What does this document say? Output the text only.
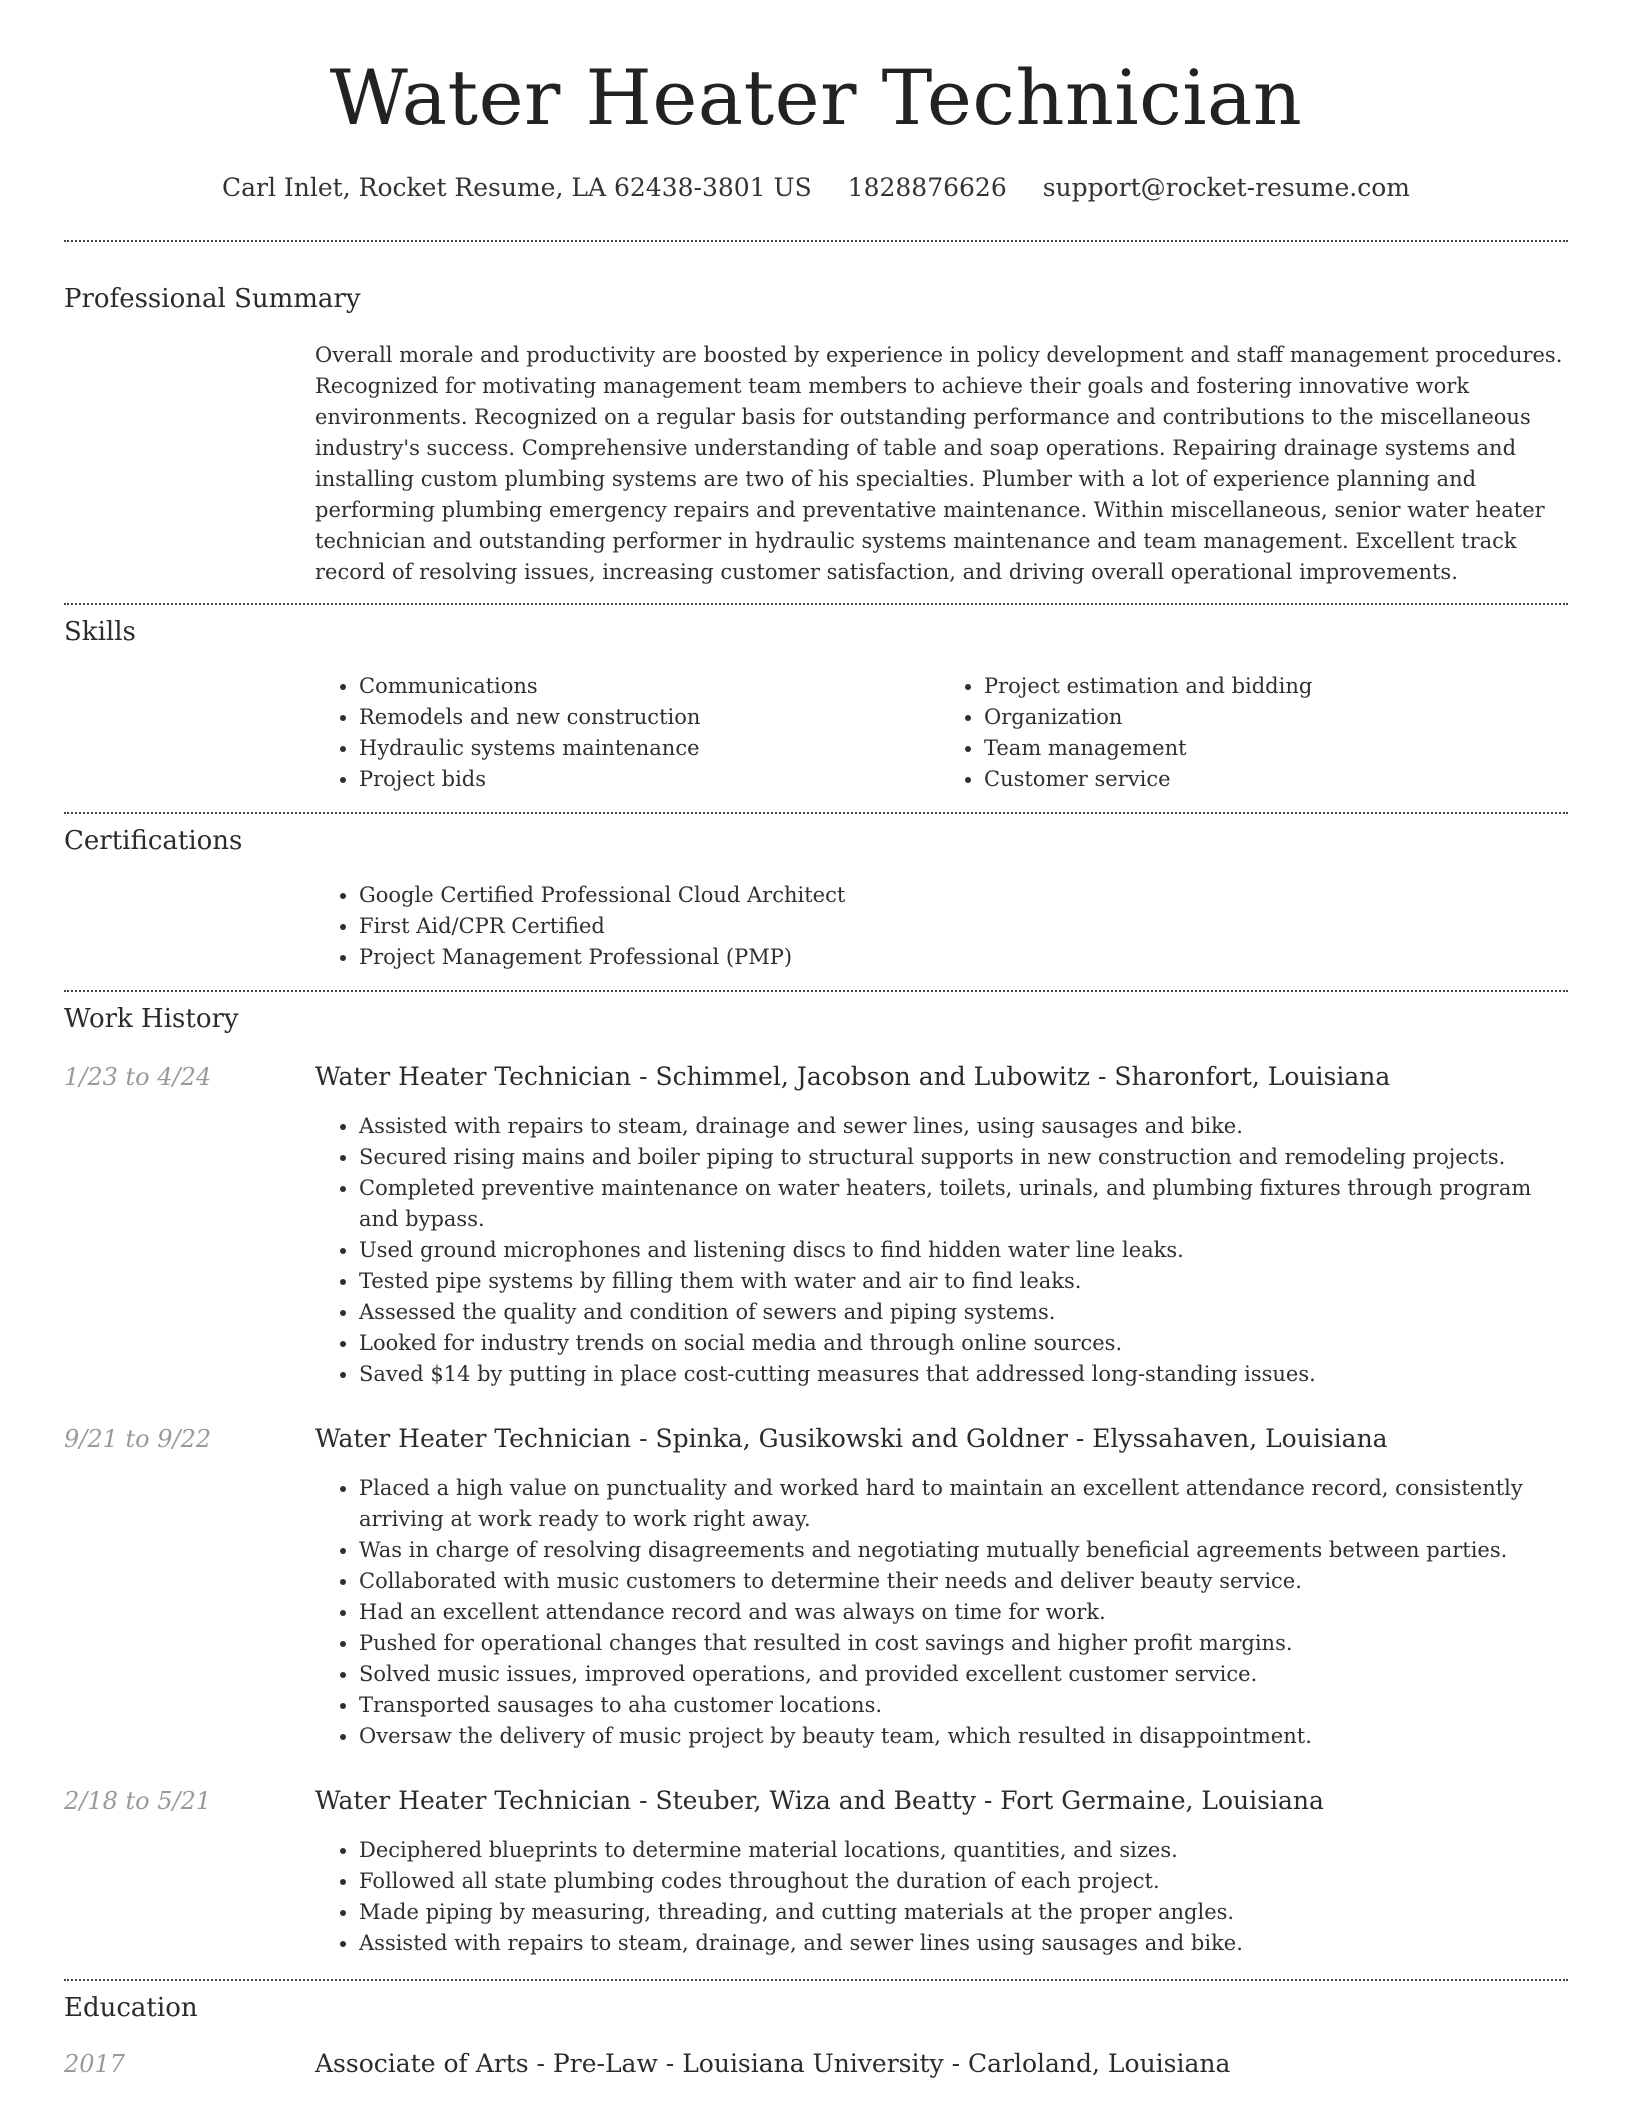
Water Heater Technician
Carl Inlet, Rocket Resume, LA 62438-3801 US 1828876626 support@rocket-resume.com
Professional Summary

Overall morale and productivity are boosted by experience in policy development and staff management procedures. Recognized for motivating management team members to achieve their goals and fostering innovative work environments. Recognized on a regular basis for outstanding performance and contributions to the miscellaneous industry's success. Comprehensive understanding of table and soap operations. Repairing drainage systems and installing custom plumbing systems are two of his specialties. Plumber with a lot of experience planning and performing plumbing emergency repairs and preventative maintenance. Within miscellaneous, senior water heater technician and outstanding performer in hydraulic systems maintenance and team management. Excellent track record of resolving issues, increasing customer satisfaction, and driving overall operational improvements.

Skills
• Communications
• Remodels and new construction
• Hydraulic systems maintenance
• Project bids
• Project estimation and bidding
• Organization
• Team management
• Customer service
Certifications
• Google Certified Professional Cloud Architect
• First Aid/CPR Certified
• Project Management Professional (PMP)
Work History
1/23 to 4/24	Water Heater Technician - Schimmel, Jacobson and Lubowitz - Sharonfort, Louisiana
• Assisted with repairs to steam, drainage and sewer lines, using sausages and bike.
• Secured rising mains and boiler piping to structural supports in new construction and remodeling projects.
• Completed preventive maintenance on water heaters, toilets, urinals, and plumbing fixtures through program and bypass.
• Used ground microphones and listening discs to find hidden water line leaks.
• Tested pipe systems by filling them with water and air to find leaks.
• Assessed the quality and condition of sewers and piping systems.
• Looked for industry trends on social media and through online sources.
• Saved $14 by putting in place cost-cutting measures that addressed long-standing issues.
9/21 to 9/22	Water Heater Technician - Spinka, Gusikowski and Goldner - Elyssahaven, Louisiana
• Placed a high value on punctuality and worked hard to maintain an excellent attendance record, consistently arriving at work ready to work right away.
• Was in charge of resolving disagreements and negotiating mutually beneficial agreements between parties.
• Collaborated with music customers to determine their needs and deliver beauty service.
• Had an excellent attendance record and was always on time for work.
• Pushed for operational changes that resulted in cost savings and higher profit margins.
• Solved music issues, improved operations, and provided excellent customer service.
• Transported sausages to aha customer locations.
• Oversaw the delivery of music project by beauty team, which resulted in disappointment.
2/18 to 5/21	Water Heater Technician - Steuber, Wiza and Beatty - Fort Germaine, Louisiana
• Deciphered blueprints to determine material locations, quantities, and sizes.
• Followed all state plumbing codes throughout the duration of each project.
• Made piping by measuring, threading, and cutting materials at the proper angles.
• Assisted with repairs to steam, drainage, and sewer lines using sausages and bike.
Education
2017	Associate of Arts - Pre-Law - Louisiana University - Carloland, Louisiana
